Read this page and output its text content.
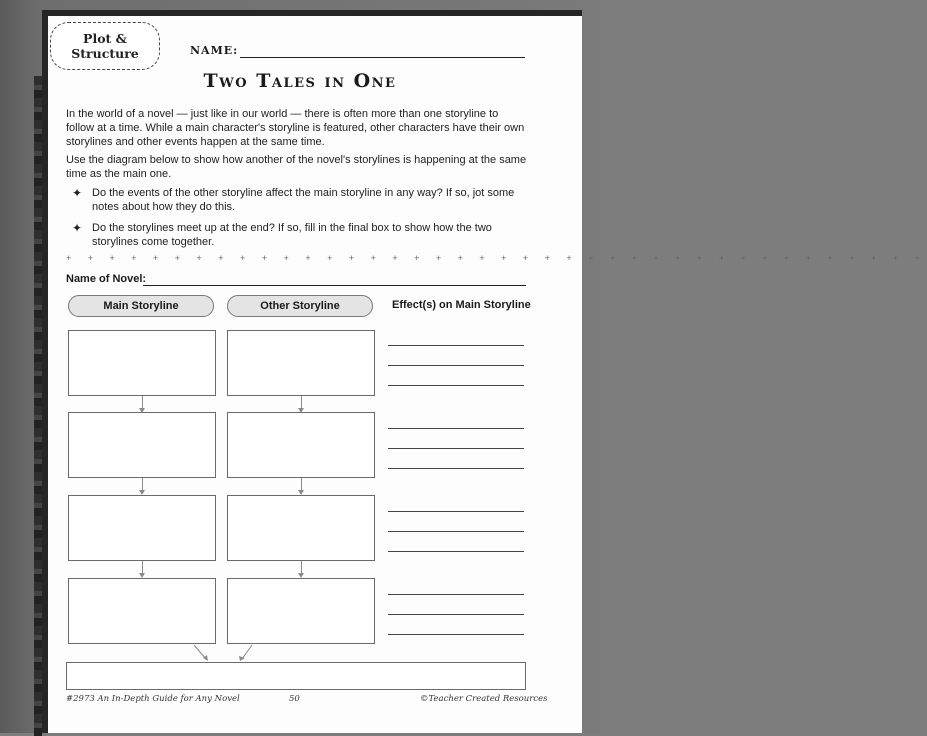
Plot &
Structure	NAME:
Two Tales in One
In the world of a novel — just like in our world — there is often more than one storyline to follow at a time. While a main character's storyline is featured, other characters have their own storylines and other events happen at the same time.
Use the diagram below to show how another of the novel's storylines is happening at the same time as the main one.
✦ Do the events of the other storyline affect the main storyline in any way? If so, jot some notes about how they do this.
✦ Do the storylines meet up at the end? If so, fill in the final box to show how the two storylines come together.
+ + + + + + + + + + + + + + + + + + + + + + + + + + + + + + + + + + + + + + + +
Name of Novel:
Main Storyline	Other Storyline	Effect(s) on Main Storyline
#2973 An In-Depth Guide for Any Novel	50	©Teacher Created Resources
